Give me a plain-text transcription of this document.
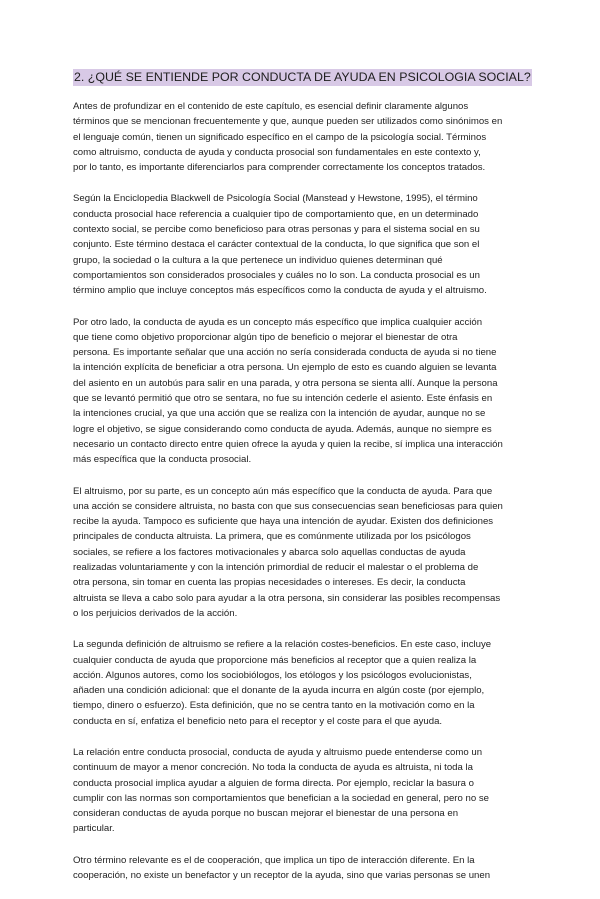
2. ¿QUÉ SE ENTIENDE POR CONDUCTA DE AYUDA EN PSICOLOGIA SOCIAL?

Antes de profundizar en el contenido de este capítulo, es esencial definir claramente algunos
términos que se mencionan frecuentemente y que, aunque pueden ser utilizados como sinónimos en
el lenguaje común, tienen un significado específico en el campo de la psicología social. Términos
como altruismo, conducta de ayuda y conducta prosocial son fundamentales en este contexto y,
por lo tanto, es importante diferenciarlos para comprender correctamente los conceptos tratados.

Según la Enciclopedia Blackwell de Psicología Social (Manstead y Hewstone, 1995), el término
conducta prosocial hace referencia a cualquier tipo de comportamiento que, en un determinado
contexto social, se percibe como beneficioso para otras personas y para el sistema social en su
conjunto. Este término destaca el carácter contextual de la conducta, lo que significa que son el
grupo, la sociedad o la cultura a la que pertenece un individuo quienes determinan qué
comportamientos son considerados prosociales y cuáles no lo son. La conducta prosocial es un
término amplio que incluye conceptos más específicos como la conducta de ayuda y el altruismo.

Por otro lado, la conducta de ayuda es un concepto más específico que implica cualquier acción
que tiene como objetivo proporcionar algún tipo de beneficio o mejorar el bienestar de otra
persona. Es importante señalar que una acción no sería considerada conducta de ayuda si no tiene
la intención explícita de beneficiar a otra persona. Un ejemplo de esto es cuando alguien se levanta
del asiento en un autobús para salir en una parada, y otra persona se sienta allí. Aunque la persona
que se levantó permitió que otro se sentara, no fue su intención cederle el asiento. Este énfasis en
la intenciones crucial, ya que una acción que se realiza con la intención de ayudar, aunque no se
logre el objetivo, se sigue considerando como conducta de ayuda. Además, aunque no siempre es
necesario un contacto directo entre quien ofrece la ayuda y quien la recibe, sí implica una interacción
más específica que la conducta prosocial.

El altruismo, por su parte, es un concepto aún más específico que la conducta de ayuda. Para que
una acción se considere altruista, no basta con que sus consecuencias sean beneficiosas para quien
recibe la ayuda. Tampoco es suficiente que haya una intención de ayudar. Existen dos definiciones
principales de conducta altruista. La primera, que es comúnmente utilizada por los psicólogos
sociales, se refiere a los factores motivacionales y abarca solo aquellas conductas de ayuda
realizadas voluntariamente y con la intención primordial de reducir el malestar o el problema de
otra persona, sin tomar en cuenta las propias necesidades o intereses. Es decir, la conducta
altruista se lleva a cabo solo para ayudar a la otra persona, sin considerar las posibles recompensas
o los perjuicios derivados de la acción.

La segunda definición de altruismo se refiere a la relación costes-beneficios. En este caso, incluye
cualquier conducta de ayuda que proporcione más beneficios al receptor que a quien realiza la
acción. Algunos autores, como los sociobiólogos, los etólogos y los psicólogos evolucionistas,
añaden una condición adicional: que el donante de la ayuda incurra en algún coste (por ejemplo,
tiempo, dinero o esfuerzo). Esta definición, que no se centra tanto en la motivación como en la
conducta en sí, enfatiza el beneficio neto para el receptor y el coste para el que ayuda.

La relación entre conducta prosocial, conducta de ayuda y altruismo puede entenderse como un
continuum de mayor a menor concreción. No toda la conducta de ayuda es altruista, ni toda la
conducta prosocial implica ayudar a alguien de forma directa. Por ejemplo, reciclar la basura o
cumplir con las normas son comportamientos que benefician a la sociedad en general, pero no se
consideran conductas de ayuda porque no buscan mejorar el bienestar de una persona en
particular.

Otro término relevante es el de cooperación, que implica un tipo de interacción diferente. En la
cooperación, no existe un benefactor y un receptor de la ayuda, sino que varias personas se unen
